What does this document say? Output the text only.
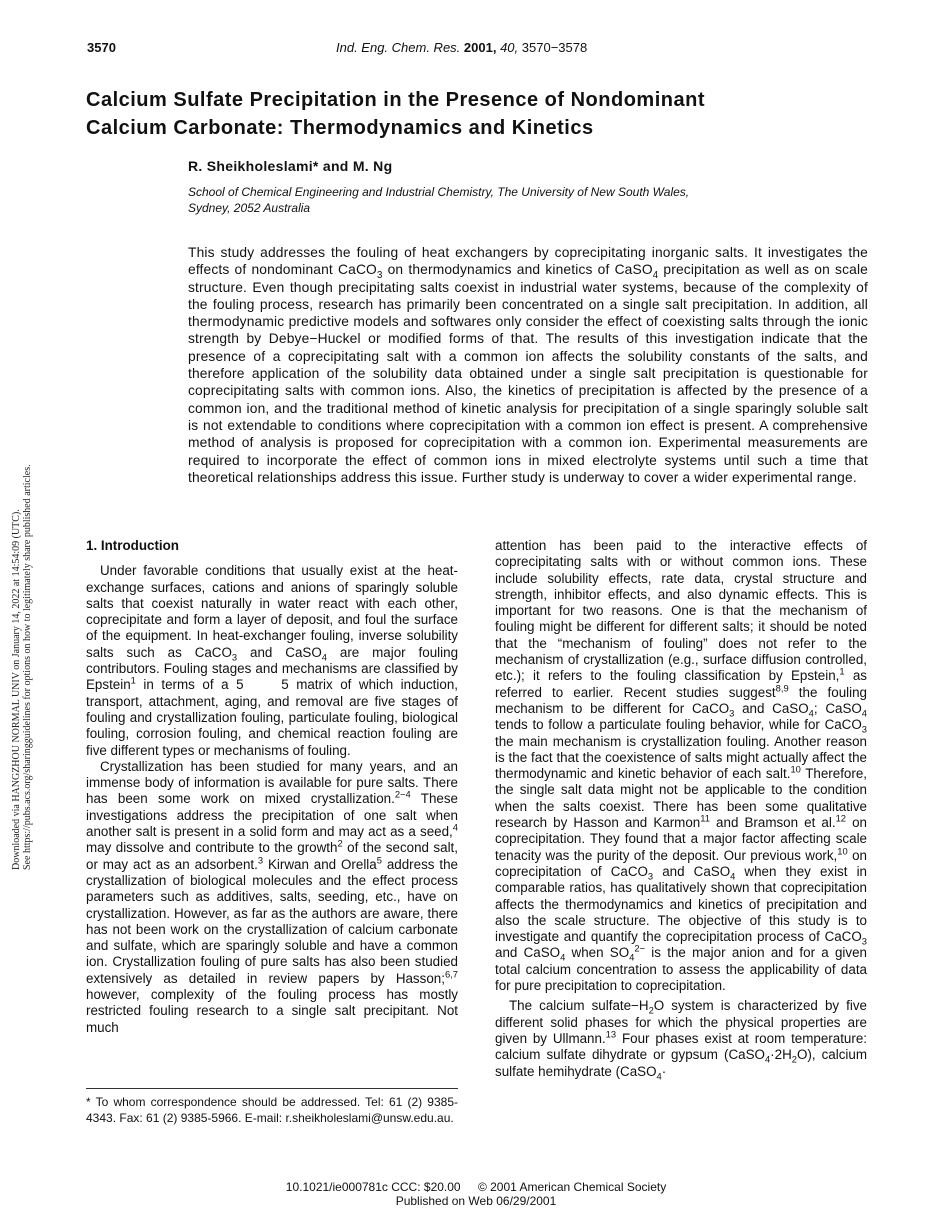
3570	Ind. Eng. Chem. Res. 2001, 40, 3570−3578
Calcium Sulfate Precipitation in the Presence of Nondominant
Calcium Carbonate: Thermodynamics and Kinetics
R. Sheikholeslami* and M. Ng
School of Chemical Engineering and Industrial Chemistry, The University of New South Wales,
Sydney, 2052 Australia
This study addresses the fouling of heat exchangers by coprecipitating inorganic salts. It investigates the effects of nondominant CaCO$_3$ on thermodynamics and kinetics of CaSO$_4$ precipitation as well as on scale structure. Even though precipitating salts coexist in industrial water systems, because of the complexity of the fouling process, research has primarily been concentrated on a single salt precipitation. In addition, all thermodynamic predictive models and softwares only consider the effect of coexisting salts through the ionic strength by Debye−Huckel or modified forms of that. The results of this investigation indicate that the presence of a coprecipitating salt with a common ion affects the solubility constants of the salts, and therefore application of the solubility data obtained under a single salt precipitation is questionable for coprecipitating salts with common ions. Also, the kinetics of precipitation is affected by the presence of a common ion, and the traditional method of kinetic analysis for precipitation of a single sparingly soluble salt is not extendable to conditions where coprecipitation with a common ion effect is present. A comprehensive method of analysis is proposed for coprecipitation with a common ion. Experimental measurements are required to incorporate the effect of common ions in mixed electrolyte systems until such a time that theoretical relationships address this issue. Further study is underway to cover a wider experimental range.
Downloaded via HANGZHOU NORMAL UNIV on January 14, 2022 at 14:54:09 (UTC). See https://pubs.acs.org/sharingguidelines for options on how to legitimately share published articles.	1. Introduction

Under favorable conditions that usually exist at the heat-exchange surfaces, cations and anions of sparingly soluble salts that coexist naturally in water react with each other, coprecipitate and form a layer of deposit, and foul the surface of the equipment. In heat-exchanger fouling, inverse solubility salts such as CaCO$_3$ and CaSO$_4$ are major fouling contributors. Fouling stages and mechanisms are classified by Epstein$^1$ in terms of a 5     5 matrix of which induction, transport, attachment, aging, and removal are five stages of fouling and crystallization fouling, particulate fouling, biological fouling, corrosion fouling, and chemical reaction fouling are five different types or mechanisms of fouling.

Crystallization has been studied for many years, and an immense body of information is available for pure salts. There has been some work on mixed crystallization.$^{2-4}$ These investigations address the precipitation of one salt when another salt is present in a solid form and may act as a seed,$^4$ may dissolve and contribute to the growth$^2$ of the second salt, or may act as an adsorbent.$^3$ Kirwan and Orella$^5$ address the crystallization of biological molecules and the effect process parameters such as additives, salts, seeding, etc., have on crystallization. However, as far as the authors are aware, there has not been work on the crystallization of calcium carbonate and sulfate, which are sparingly soluble and have a common ion. Crystallization fouling of pure salts has also been studied extensively as detailed in review papers by Hasson;$^{6,7}$ however, complexity of the fouling process has mostly restricted fouling research to a single salt precipitant. Not much

attention has been paid to the interactive effects of coprecipitating salts with or without common ions. These include solubility effects, rate data, crystal structure and strength, inhibitor effects, and also dynamic effects. This is important for two reasons. One is that the mechanism of fouling might be different for different salts; it should be noted that the “mechanism of fouling” does not refer to the mechanism of crystallization (e.g., surface diffusion controlled, etc.); it refers to the fouling classification by Epstein,$^1$ as referred to earlier. Recent studies suggest$^{8,9}$ the fouling mechanism to be different for CaCO$_3$ and CaSO$_4$; CaSO$_4$ tends to follow a particulate fouling behavior, while for CaCO$_3$ the main mechanism is crystallization fouling. Another reason is the fact that the coexistence of salts might actually affect the thermodynamic and kinetic behavior of each salt.$^{10}$ Therefore, the single salt data might not be applicable to the condition when the salts coexist. There has been some qualitative research by Hasson and Karmon$^{11}$ and Bramson et al.$^{12}$ on coprecipitation. They found that a major factor affecting scale tenacity was the purity of the deposit. Our previous work,$^{10}$ on coprecipitation of CaCO$_3$ and CaSO$_4$ when they exist in comparable ratios, has qualitatively shown that coprecipitation affects the thermodynamics and kinetics of precipitation and also the scale structure. The objective of this study is to investigate and quantify the coprecipitation process of CaCO$_3$ and CaSO$_4$ when $SO_4^{2-}$ is the major anion and for a given total calcium concentration to assess the applicability of data for pure precipitation to coprecipitation.

The calcium $sulfate-H_2O$ system is characterized by five different solid phases for which the physical properties are given by Ullmann.$^{13}$ Four phases exist at room temperature: calcium sulfate dihydrate or gypsum $(CaSO_4\cdot 2H_2O)$, calcium sulfate hemihydrate (CaSO$_4$·

* To whom correspondence should be addressed. Tel: 61 (2) 9385-4343. Fax: 61 (2) 9385-5966. E-mail: r.sheikholeslami@unsw.edu.au.
10.1021/ie000781c CCC: $20.00 © 2001 American Chemical Society
Published on Web 06/29/2001
